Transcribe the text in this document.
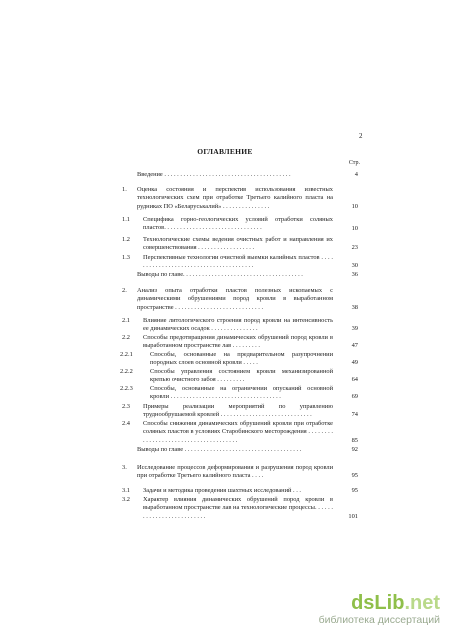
2
ОГЛАВЛЕНИЕ
Стр.
Введение . . . . . . . . . . . . . . . . . . . . . . . . . . . . . . . . . . . . . . . .	4
1. Оценка состояния и перспектив использования известных технологических схем при отработке Третьего калийного пласта на рудниках ПО «Беларуськалий» . . . . . . . . . . . . . . .	10
1.1 Специфика горно-геологических условий отработки соляных пластов. . . . . . . . . . . . . . . . . . . . . . . . . . . . . . .	10
1.2 Технологические схемы ведения очистных работ и направления их совершенствования . . . . . . . . . . . . . . . . . .	23
1.3 Перспективные технологии очистной выемки калийных пластов . . . . . . . . . . . . . . . . . . . . . . . . . . . . . . . . . . . . . . .	30
Выводы по главе. . . . . . . . . . . . . . . . . . . . . . . . . . . . . . . . . . . . . .	36
2. Анализ опыта отработки пластов полезных ископаемых с динамическими обрушениями пород кровли в выработанном пространстве . . . . . . . . . . . . . . . . . . . . . . . . . . . .	38
2.1 Влияние литологического строения пород кровли на интенсивность ее динамических осадок . . . . . . . . . . . . . . .	39
2.2 Способы предотвращения динамических обрушений пород кровли в выработанном пространстве лав . . . . . . . . .	47
2.2.1	Способы, основанные на предварительном разупрочнении породных слоев основной кровли . . . . .	49
2.2.2	Способы управления состоянием кровли механизированной крепью очистного забоя . . . . . . . . .	64
2.2.3	Способы, основанные на ограничении опусканий основной кровли . . . . . . . . . . . . . . . . . . . . . . . . . . . . . . . . . . .	69
2.3 Примеры реализации мероприятий по управлению труднообрушаемой кровлей . . . . . . . . . . . . . . . . . . . . . . . . . . . . .	74
2.4 Способы снижения динамических обрушений кровли при отработке соляных пластов в условиях Старобинского месторождения . . . . . . . . . . . . . . . . . . . . . . . . . . . . . . . . . . . . . .	85
Выводы по главе . . . . . . . . . . . . . . . . . . . . . . . . . . . . . . . . . . . . .	92
3. Исследование процессов деформирования и разрушения пород кровли при отработке Третьего калийного пласта . . . .	95
3.1 Задачи и методика проведения шахтных исследований . . .	95
3.2 Характер влияния динамических обрушений пород кровли в выработанном пространстве лав на технологические процессы. . . . . . . . . . . . . . . . . . . . . . . . . .	101
dsLib.net
библиотека диссертаций
